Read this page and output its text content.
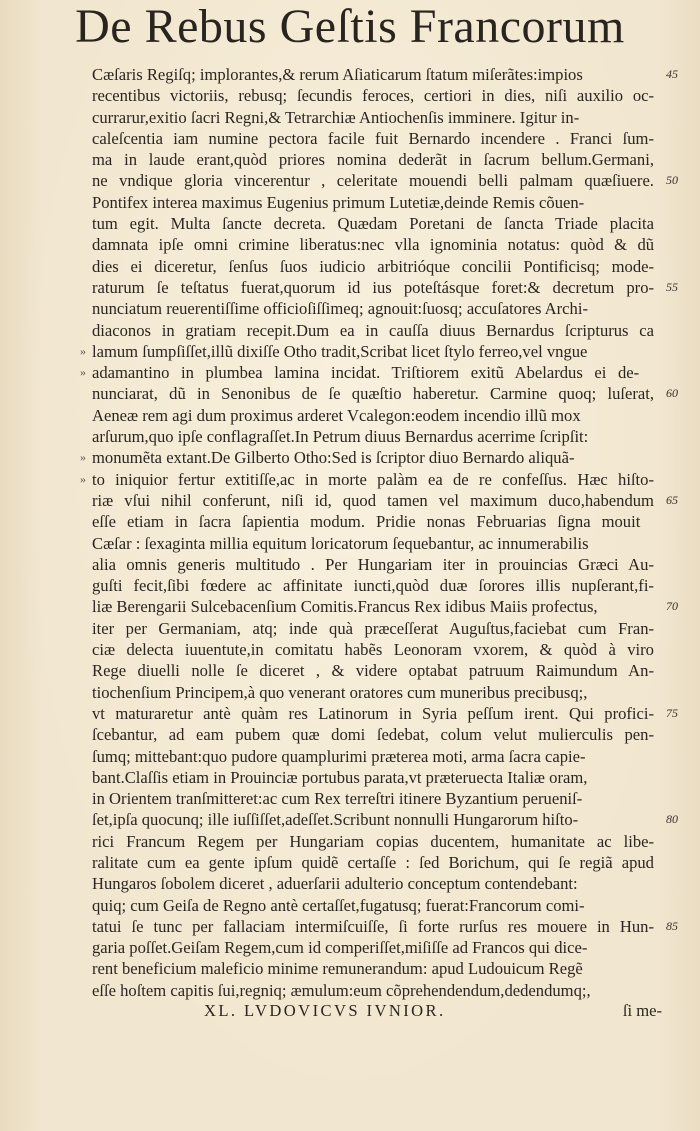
De Rebus Geſtis Francorum
Cæſaris Regiſq; implorantes,& rerum Aſiaticarum ſtatum miſerãtes:impios	45
recentibus victoriis, rebusq; ſecundis feroces, certiori in dies, niſi auxilio oc-
currarur,exitio ſacri Regni,& Tetrarchiæ Antiochenſis imminere. Igitur in-
caleſcentia iam numine pectora facile fuit Bernardo incendere . Franci ſum-
ma in laude erant,quòd priores nomina dederãt in ſacrum bellum.Germani,
ne vndique gloria vincerentur , celeritate mouendi belli palmam quæſiuere. 50
Pontifex interea maximus Eugenius primum Lutetiæ,deinde Remis cõuen-
tum egit. Multa ſancte decreta. Quædam Poretani de ſancta Triade placita
damnata ipſe omni crimine liberatus:nec vlla ignominia notatus: quòd & dũ
dies ei diceretur, ſenſus ſuos iudicio arbitrióque concilii Pontificisq; mode-
raturum ſe teſtatus fuerat,quorum id ius poteſtásque foret:& decretum pro- 55
nunciatum reuerentiſſime officioſiſſimeq; agnouit:ſuosq; accuſatores Archi-
diaconos in gratiam recepit.Dum ea in cauſſa diuus Bernardus ſcripturus ca
» lamum ſumpſiſſet,illũ dixiſſe Otho tradit,Scribat licet ſtylo ferreo,vel vngue
» adamantino in plumbea lamina incidat. Triſtiorem exitũ Abelardus ei de-
nunciarat, dũ in Senonibus de ſe quæſtio haberetur. Carmine quoq; luſerat, 60
Aeneæ rem agi dum proximus arderet Vcalegon:eodem incendio illũ mox
arſurum,quo ipſe conflagraſſet.In Petrum diuus Bernardus acerrime ſcripſit:
» monumẽta extant.De Gilberto Otho:Sed is ſcriptor diuo Bernardo aliquã-
» to iniquior fertur extitiſſe,ac in morte palàm ea de re confeſſus. Hæc hiſto-
riæ vſui nihil conferunt, niſi id, quod tamen vel maximum duco,habendum 65
eſſe etiam in ſacra ſapientia modum. Pridie nonas Februarias ſigna mouit
Cæſar : ſexaginta millia equitum loricatorum ſequebantur, ac innumerabilis
alia omnis generis multitudo . Per Hungariam iter in prouincias Græci Au-
guſti fecit,ſibi fœdere ac affinitate iuncti,quòd duæ ſorores illis nupſerant,fi-
liæ Berengarii Sulcebacenſium Comitis.Francus Rex idibus Maiis profectus,	70
iter per Germaniam, atq; inde quà præceſſerat Auguſtus,faciebat cum Fran-
ciæ delecta iuuentute,in comitatu habẽs Leonoram vxorem, & quòd à viro
Rege diuelli nolle ſe diceret , & videre optabat patruum Raimundum An-
tiochenſium Principem,à quo venerant oratores cum muneribus precibusq;,
vt maturaretur antè quàm res Latinorum in Syria peſſum irent. Qui profici- 75
ſcebantur, ad eam pubem quæ domi ſedebat, colum velut mulierculis pen-
ſumq; mittebant:quo pudore quamplurimi præterea moti, arma ſacra capie-
bant.Claſſis etiam in Prouinciæ portubus parata,vt præteruecta Italiæ oram,
in Orientem tranſmitteret:ac cum Rex terreſtri itinere Byzantium perueniſ-
ſet,ipſa quocunq; ille iuſſiſſet,adeſſet.Scribunt nonnulli Hungarorum hiſto-	80
rici Francum Regem per Hungariam copias ducentem, humanitate ac libe-
ralitate cum ea gente ipſum quidẽ certaſſe : ſed Borichum, qui ſe regiã apud
Hungaros ſobolem diceret , aduerſarii adulterio conceptum contendebant:
quiq; cum Geiſa de Regno antè certaſſet,fugatusq; fuerat:Francorum comi-
tatui ſe tunc per fallaciam intermiſcuiſſe, ſi forte rurſus res mouere in Hun- 85
garia poſſet.Geiſam Regem,cum id comperiſſet,miſiſſe ad Francos qui dice-
rent beneficium maleficio minime remunerandum: apud Ludouicum Regẽ
eſſe hoſtem capitis ſui,regniq; æmulum:eum cõprehendendum,dedendumq;,
XL. LVDOVICVS IVNIOR.	ſi me-
